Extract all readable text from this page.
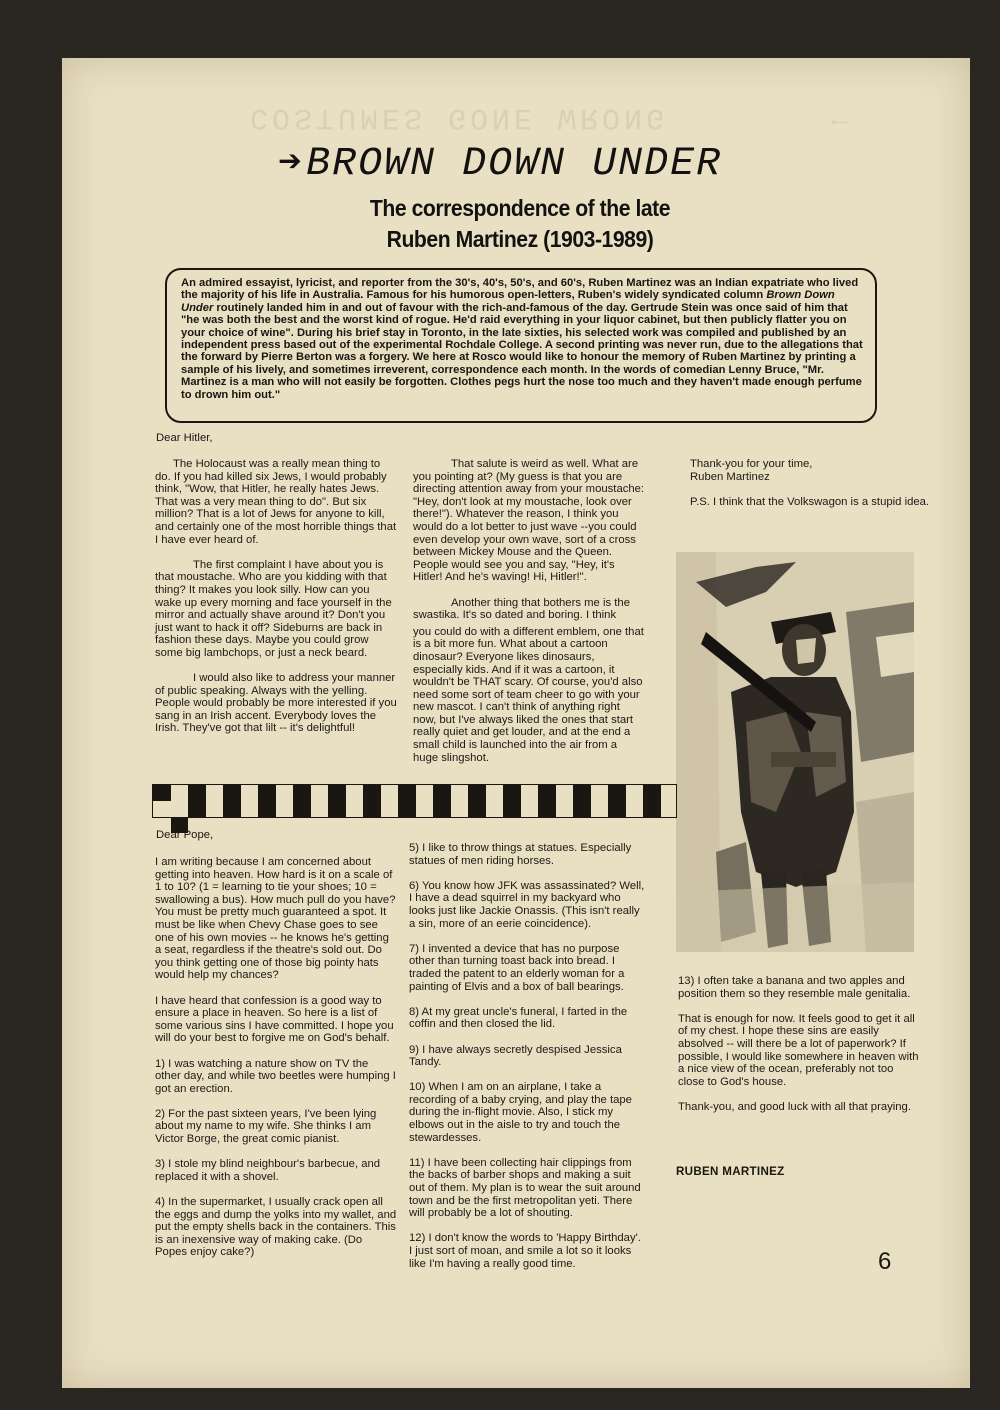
COSTUMES GONE WRONG	←
➔BROWN DOWN UNDER
The correspondence of the late
Ruben Martinez (1903-1989)
An admired essayist, lyricist, and reporter from the 30's, 40's, 50's, and 60's, Ruben Martinez was an Indian expatriate who lived the majority of his life in Australia. Famous for his humorous open-letters, Ruben's widely syndicated column Brown Down Under routinely landed him in and out of favour with the rich-and-famous of the day. Gertrude Stein was once said of him that "he was both the best and the worst kind of rogue. He'd raid everything in your liquor cabinet, but then publicly flatter you on your choice of wine". During his brief stay in Toronto, in the late sixties, his selected work was compiled and published by an independent press based out of the experimental Rochdale College. A second printing was never run, due to the allegations that the forward by Pierre Berton was a forgery. We here at Rosco would like to honour the memory of Ruben Martinez by printing a sample of his lively, and sometimes irreverent, correspondence each month. In the words of comedian Lenny Bruce, "Mr. Martinez is a man who will not easily be forgotten. Clothes pegs hurt the nose too much and they haven't made enough perfume to drown him out."
Dear Hitler,

The Holocaust was a really mean thing to do. If you had killed six Jews, I would probably think, "Wow, that Hitler, he really hates Jews. That was a very mean thing to do". But six million? That is a lot of Jews for anyone to kill, and certainly one of the most horrible things that I have ever heard of.

The first complaint I have about you is that moustache. Who are you kidding with that thing? It makes you look silly. How can you wake up every morning and face yourself in the mirror and actually shave around it? Don't you just want to hack it off? Sideburns are back in fashion these days. Maybe you could grow some big lambchops, or just a neck beard.

I would also like to address your manner of public speaking. Always with the yelling. People would probably be more interested if you sang in an Irish accent. Everybody loves the Irish. They've got that lilt -- it's delightful!

That salute is weird as well. What are you pointing at? (My guess is that you are directing attention away from your moustache: "Hey, don't look at my moustache, look over there!"). Whatever the reason, I think you would do a lot better to just wave --you could even develop your own wave, sort of a cross between Mickey Mouse and the Queen. People would see you and say, "Hey, it's Hitler! And he's waving! Hi, Hitler!".

Another thing that bothers me is the swastika. It's so dated and boring. I think

you could do with a different emblem, one that is a bit more fun. What about a cartoon dinosaur? Everyone likes dinosaurs, especially kids. And if it was a cartoon, it wouldn't be THAT scary. Of course, you'd also need some sort of team cheer to go with your new mascot. I can't think of anything right now, but I've always liked the ones that start really quiet and get louder, and at the end a small child is launched into the air from a huge slingshot.

Thank-you for your time,
Ruben Martinez

P.S. I think that the Volkswagon is a stupid idea.

Dear Pope,

I am writing because I am concerned about getting into heaven. How hard is it on a scale of 1 to 10? (1 = learning to tie your shoes; 10 = swallowing a bus). How much pull do you have? You must be pretty much guaranteed a spot. It must be like when Chevy Chase goes to see one of his own movies -- he knows he's getting a seat, regardless if the theatre's sold out. Do you think getting one of those big pointy hats would help my chances?

I have heard that confession is a good way to ensure a place in heaven. So here is a list of some various sins I have committed. I hope you will do your best to forgive me on God's behalf.

1) I was watching a nature show on TV the other day, and while two beetles were humping I got an erection.

2) For the past sixteen years, I've been lying about my name to my wife. She thinks I am Victor Borge, the great comic pianist.

3) I stole my blind neighbour's barbecue, and replaced it with a shovel.

4) In the supermarket, I usually crack open all the eggs and dump the yolks into my wallet, and put the empty shells back in the containers. This is an inexensive way of making cake. (Do Popes enjoy cake?)

5) I like to throw things at statues. Especially statues of men riding horses.

6) You know how JFK was assassinated? Well, I have a dead squirrel in my backyard who looks just like Jackie Onassis. (This isn't really a sin, more of an eerie coincidence).

7) I invented a device that has no purpose other than turning toast back into bread. I traded the patent to an elderly woman for a painting of Elvis and a box of ball bearings.

8) At my great uncle's funeral, I farted in the coffin and then closed the lid.

9) I have always secretly despised Jessica Tandy.

10) When I am on an airplane, I take a recording of a baby crying, and play the tape during the in-flight movie. Also, I stick my elbows out in the aisle to try and touch the stewardesses.

11) I have been collecting hair clippings from the backs of barber shops and making a suit out of them. My plan is to wear the suit around town and be the first metropolitan yeti. There will probably be a lot of shouting.

12) I don't know the words to 'Happy Birthday'. I just sort of moan, and smile a lot so it looks like I'm having a really good time.

13) I often take a banana and two apples and position them so they resemble male genitalia.

That is enough for now. It feels good to get it all of my chest. I hope these sins are easily absolved -- will there be a lot of paperwork? If possible, I would like somewhere in heaven with a nice view of the ocean, preferably not too close to God's house.

Thank-you, and good luck with all that praying.

RUBEN MARTINEZ
6
